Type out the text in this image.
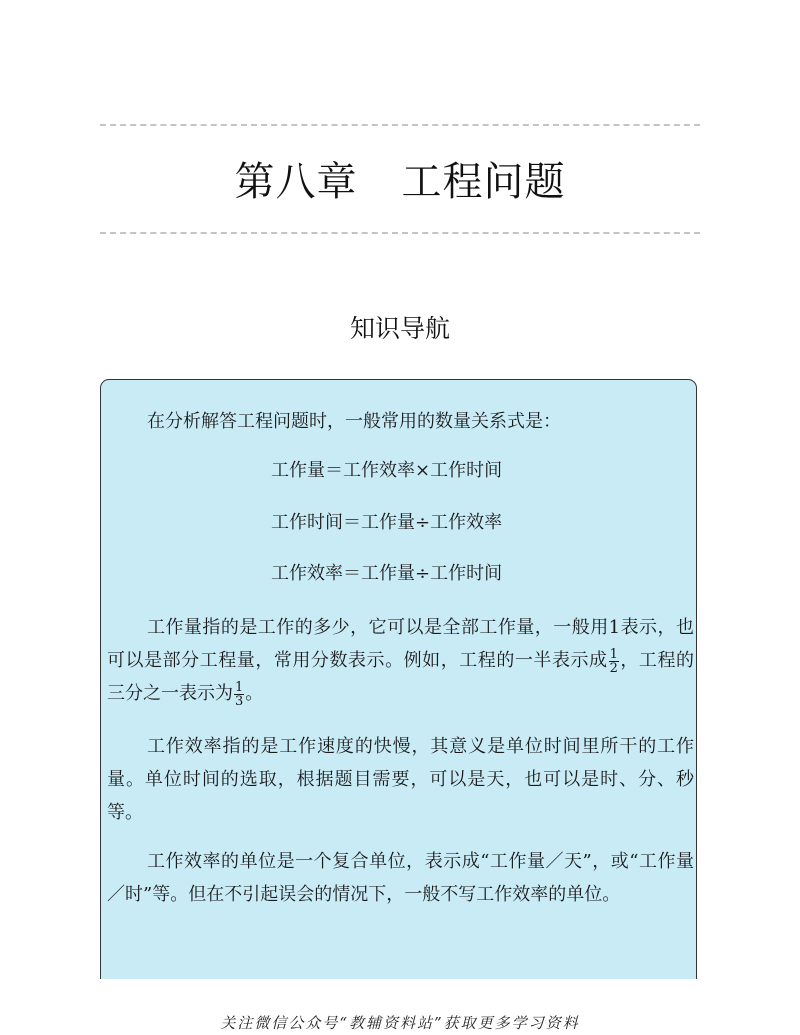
第八章 工程问题
知识导航

在分析解答工程问题时，一般常用的数量关系式是：

工作量＝工作效率×工作时间
工作时间＝工作量÷工作效率
工作效率＝工作量÷工作时间

工作量指的是工作的多少，它可以是全部工作量，一般用1表示，也可以是部分工程量，常用分数表示。例如，工程的一半表示成 $\frac{1}{2}$ ，工程的三分之一表示为 $\frac{1}{3}$ 。

工作效率指的是工作速度的快慢，其意义是单位时间里所干的工作量。单位时间的选取，根据题目需要，可以是天，也可以是时、分、秒等。

工作效率的单位是一个复合单位，表示成“工作量／天”，或“工作量／时”等。但在不引起误会的情况下，一般不写工作效率的单位。

关注微信公众号“教辅资料站”获取更多学习资料
